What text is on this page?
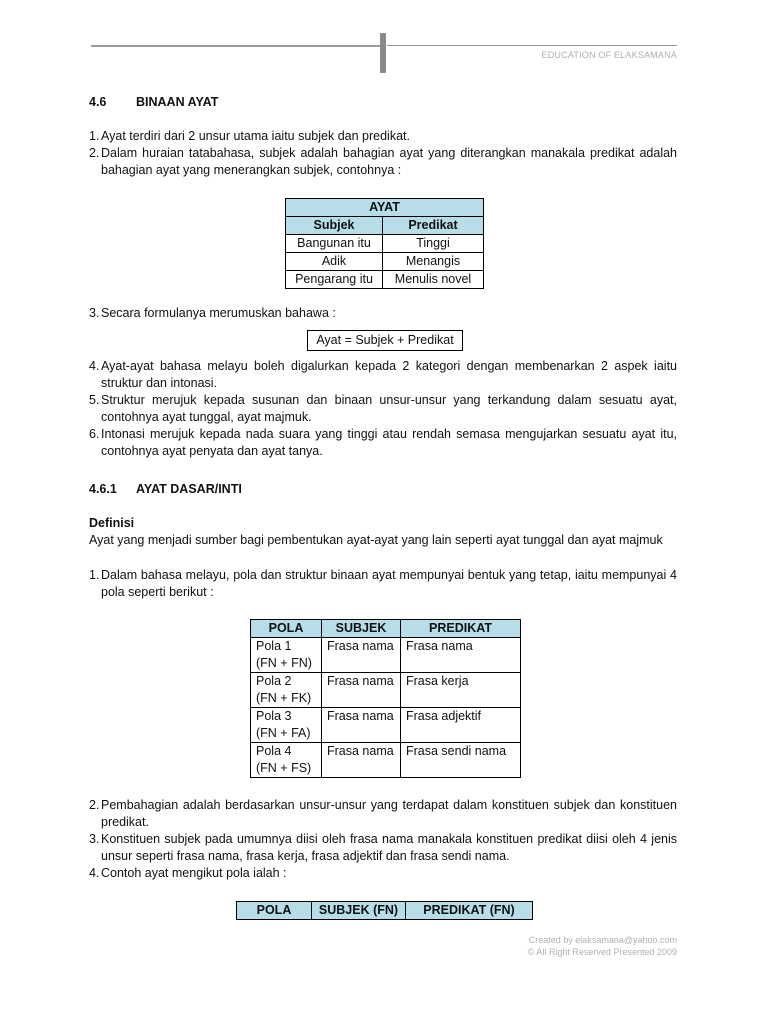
EDUCATION OF ELAKSAMANA
4.6 BINAAN AYAT
1. Ayat terdiri dari 2 unsur utama iaitu subjek dan predikat.
2. Dalam huraian tatabahasa, subjek adalah bahagian ayat yang diterangkan manakala predikat adalah bahagian ayat yang menerangkan subjek, contohnya :
AYAT	
Subjek	Predikat
Bangunan itu	Tinggi
Adik	Menangis
Pengarang itu	Menulis novel
3. Secara formulanya merumuskan bahawa :
Ayat = Subjek + Predikat
4. Ayat-ayat bahasa melayu boleh digalurkan kepada 2 kategori dengan membenarkan 2 aspek iaitu struktur dan intonasi.
5. Struktur merujuk kepada susunan dan binaan unsur-unsur yang terkandung dalam sesuatu ayat, contohnya ayat tunggal, ayat majmuk.
6. Intonasi merujuk kepada nada suara yang tinggi atau rendah semasa mengujarkan sesuatu ayat itu, contohnya ayat penyata dan ayat tanya.
4.6.1 AYAT DASAR/INTI
Definisi
Ayat yang menjadi sumber bagi pembentukan ayat-ayat yang lain seperti ayat tunggal dan ayat majmuk
1. Dalam bahasa melayu, pola dan struktur binaan ayat mempunyai bentuk yang tetap, iaitu mempunyai 4 pola seperti berikut :
POLA	SUBJEK	PREDIKAT

Pola 1
(FN + FN)	Frasa nama	Frasa nama

Pola 2
(FN + FK)	Frasa nama	Frasa kerja

Pola 3
(FN + FA)	Frasa nama	Frasa adjektif

Pola 4
(FN + FS)	Frasa nama	Frasa sendi nama
2. Pembahagian adalah berdasarkan unsur-unsur yang terdapat dalam konstituen subjek dan konstituen predikat.
3. Konstituen subjek pada umumnya diisi oleh frasa nama manakala konstituen predikat diisi oleh 4 jenis unsur seperti frasa nama, frasa kerja, frasa adjektif dan frasa sendi nama.
4. Contoh ayat mengikut pola ialah :
POLA	SUBJEK (FN)	PREDIKAT (FN)
Created by elaksamana@yahoo.com
© All Right Reserved Presented 2009
